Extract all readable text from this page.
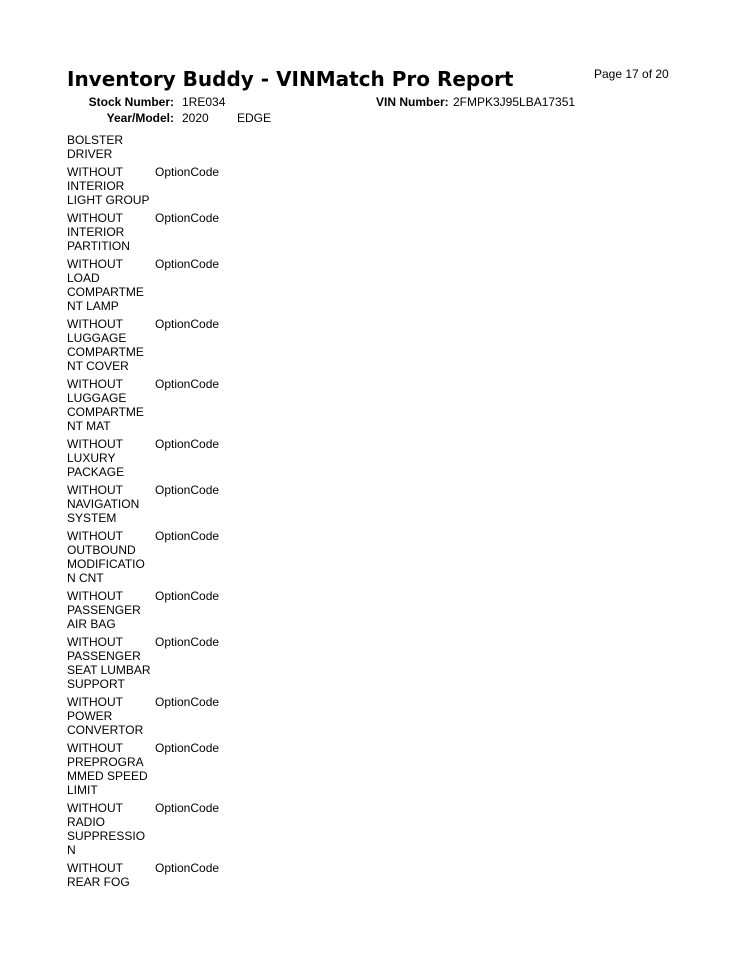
Inventory Buddy - VINMatch Pro Report	Page 17 of 20
Stock Number: 1RE034	VIN Number: 2FMPK3J95LBA17351
Year/Model: 2020 EDGE
BOLSTER
DRIVER
WITHOUT
INTERIOR
LIGHT GROUP
OptionCode
WITHOUT
INTERIOR
PARTITION
OptionCode
WITHOUT
LOAD
COMPARTME
NT LAMP
OptionCode
WITHOUT
LUGGAGE
COMPARTME
NT COVER
OptionCode
WITHOUT
LUGGAGE
COMPARTME
NT MAT
OptionCode
WITHOUT
LUXURY
PACKAGE
OptionCode
WITHOUT
NAVIGATION
SYSTEM
OptionCode
WITHOUT
OUTBOUND
MODIFICATIO
N CNT
OptionCode
WITHOUT
PASSENGER
AIR BAG
OptionCode
WITHOUT
PASSENGER
SEAT LUMBAR
SUPPORT
OptionCode
WITHOUT
POWER
CONVERTOR
OptionCode
WITHOUT
PREPROGRA
MMED SPEED
LIMIT
OptionCode
WITHOUT
RADIO
SUPPRESSIO
N
OptionCode
WITHOUT
REAR FOG
OptionCode
